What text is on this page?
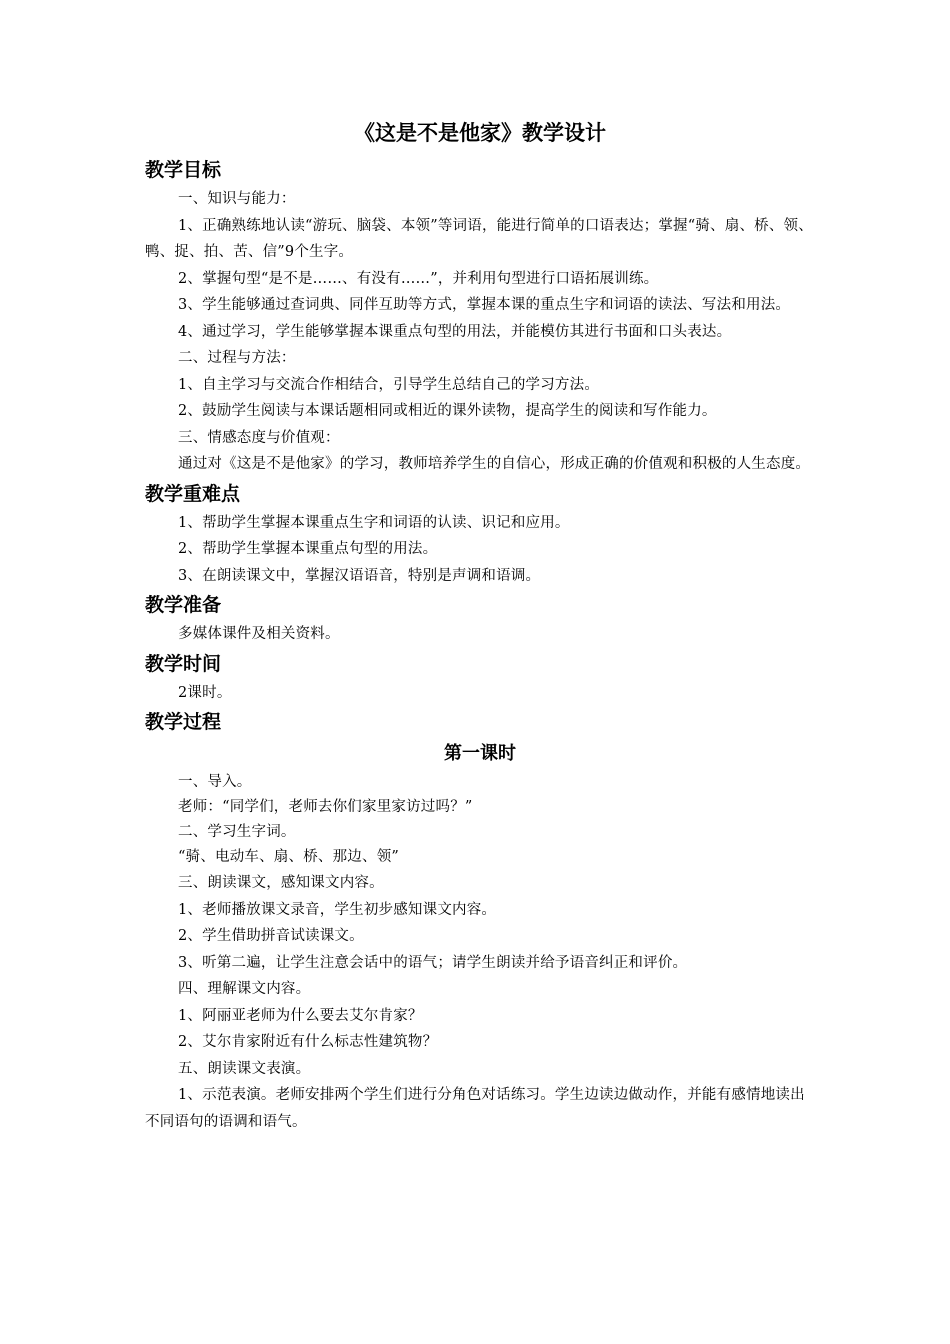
《这是不是他家》教学设计
教学目标

一、知识与能力：

1、正确熟练地认读“游玩、脑袋、本领”等词语，能进行简单的口语表达；掌握“骑、扇、桥、领、鸭、捉、拍、苦、信”9个生字。

2、掌握句型“是不是……、有没有……”，并利用句型进行口语拓展训练。

3、学生能够通过查词典、同伴互助等方式，掌握本课的重点生字和词语的读法、写法和用法。

4、通过学习，学生能够掌握本课重点句型的用法，并能模仿其进行书面和口头表达。

二、过程与方法：

1、自主学习与交流合作相结合，引导学生总结自己的学习方法。

2、鼓励学生阅读与本课话题相同或相近的课外读物，提高学生的阅读和写作能力。

三、情感态度与价值观：

通过对《这是不是他家》的学习，教师培养学生的自信心，形成正确的价值观和积极的人生态度。

教学重难点

1、帮助学生掌握本课重点生字和词语的认读、识记和应用。

2、帮助学生掌握本课重点句型的用法。

3、在朗读课文中，掌握汉语语音，特别是声调和语调。

教学准备

多媒体课件及相关资料。

教学时间

2课时。

教学过程
第一课时

一、导入。

老师：“同学们，老师去你们家里家访过吗？”

二、学习生字词。

“骑、电动车、扇、桥、那边、领”

三、朗读课文，感知课文内容。

1、老师播放课文录音，学生初步感知课文内容。

2、学生借助拼音试读课文。

3、听第二遍，让学生注意会话中的语气；请学生朗读并给予语音纠正和评价。

四、理解课文内容。

1、阿丽亚老师为什么要去艾尔肯家？

2、艾尔肯家附近有什么标志性建筑物？

五、朗读课文表演。

1、示范表演。老师安排两个学生们进行分角色对话练习。学生边读边做动作，并能有感情地读出不同语句的语调和语气。
